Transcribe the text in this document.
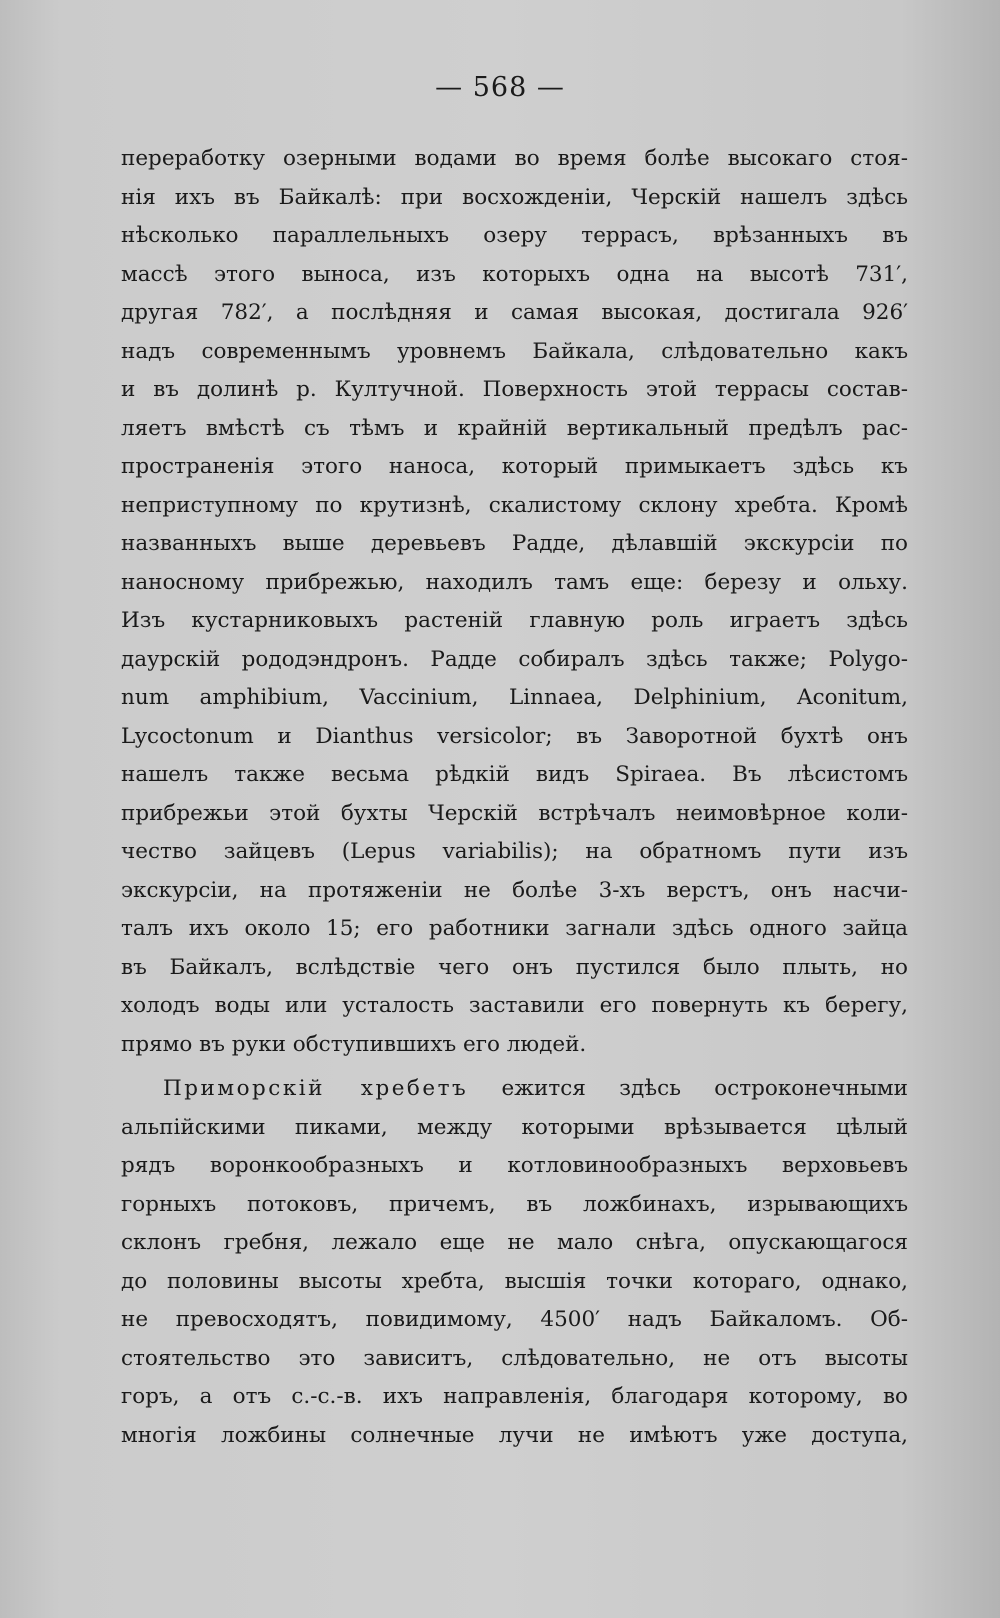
— 568 —
переработку озерными водами во время болѣе высокаго стоя-
нія ихъ въ Байкалѣ: при восхожденіи, Черскій нашелъ здѣсь
нѣсколько параллельныхъ озеру террасъ, врѣзанныхъ въ
массѣ этого выноса, изъ которыхъ одна на высотѣ 731′,
другая 782′, а послѣдняя и самая высокая, достигала 926′
надъ современнымъ уровнемъ Байкала, слѣдовательно какъ
и въ долинѣ р. Култучной. Поверхность этой террасы состав-
ляетъ вмѣстѣ съ тѣмъ и крайній вертикальный предѣлъ рас-
пространенія этого наноса, который примыкаетъ здѣсь къ
неприступному по крутизнѣ, скалистому склону хребта. Кромѣ
названныхъ выше деревьевъ Радде, дѣлавшій экскурсіи по
наносному прибрежью, находилъ тамъ еще: березу и ольху.
Изъ кустарниковыхъ растеній главную роль играетъ здѣсь
даурскій рододэндронъ. Радде собиралъ здѣсь также; Polygo-
num amphibium, Vaccinium, Linnaea, Delphinium, Aconitum,
Lycoctonum и Dianthus versicolor; въ Заворотной бухтѣ онъ
нашелъ также весьма рѣдкій видъ Spiraea. Въ лѣсистомъ
прибрежьи этой бухты Черскій встрѣчалъ неимовѣрное коли-
чество зайцевъ (Lepus variabilis); на обратномъ пути изъ
экскурсіи, на протяженіи не болѣе 3-хъ верстъ, онъ насчи-
талъ ихъ около 15; его работники загнали здѣсь одного зайца
въ Байкалъ, вслѣдствіе чего онъ пустился было плыть, но
холодъ воды или усталость заставили его повернуть къ берегу,
прямо въ руки обступившихъ его людей.
Приморскій хребетъ ежится здѣсь остроконечными
альпійскими пиками, между которыми врѣзывается цѣлый
рядъ воронкообразныхъ и котловинообразныхъ верховьевъ
горныхъ потоковъ, причемъ, въ ложбинахъ, изрывающихъ
склонъ гребня, лежало еще не мало снѣга, опускающагося
до половины высоты хребта, высшія точки котораго, однако,
не превосходятъ, повидимому, 4500′ надъ Байкаломъ. Об-
стоятельство это зависитъ, слѣдовательно, не отъ высоты
горъ, а отъ с.-с.-в. ихъ направленія, благодаря которому, во
многія ложбины солнечные лучи не имѣютъ уже доступа,
